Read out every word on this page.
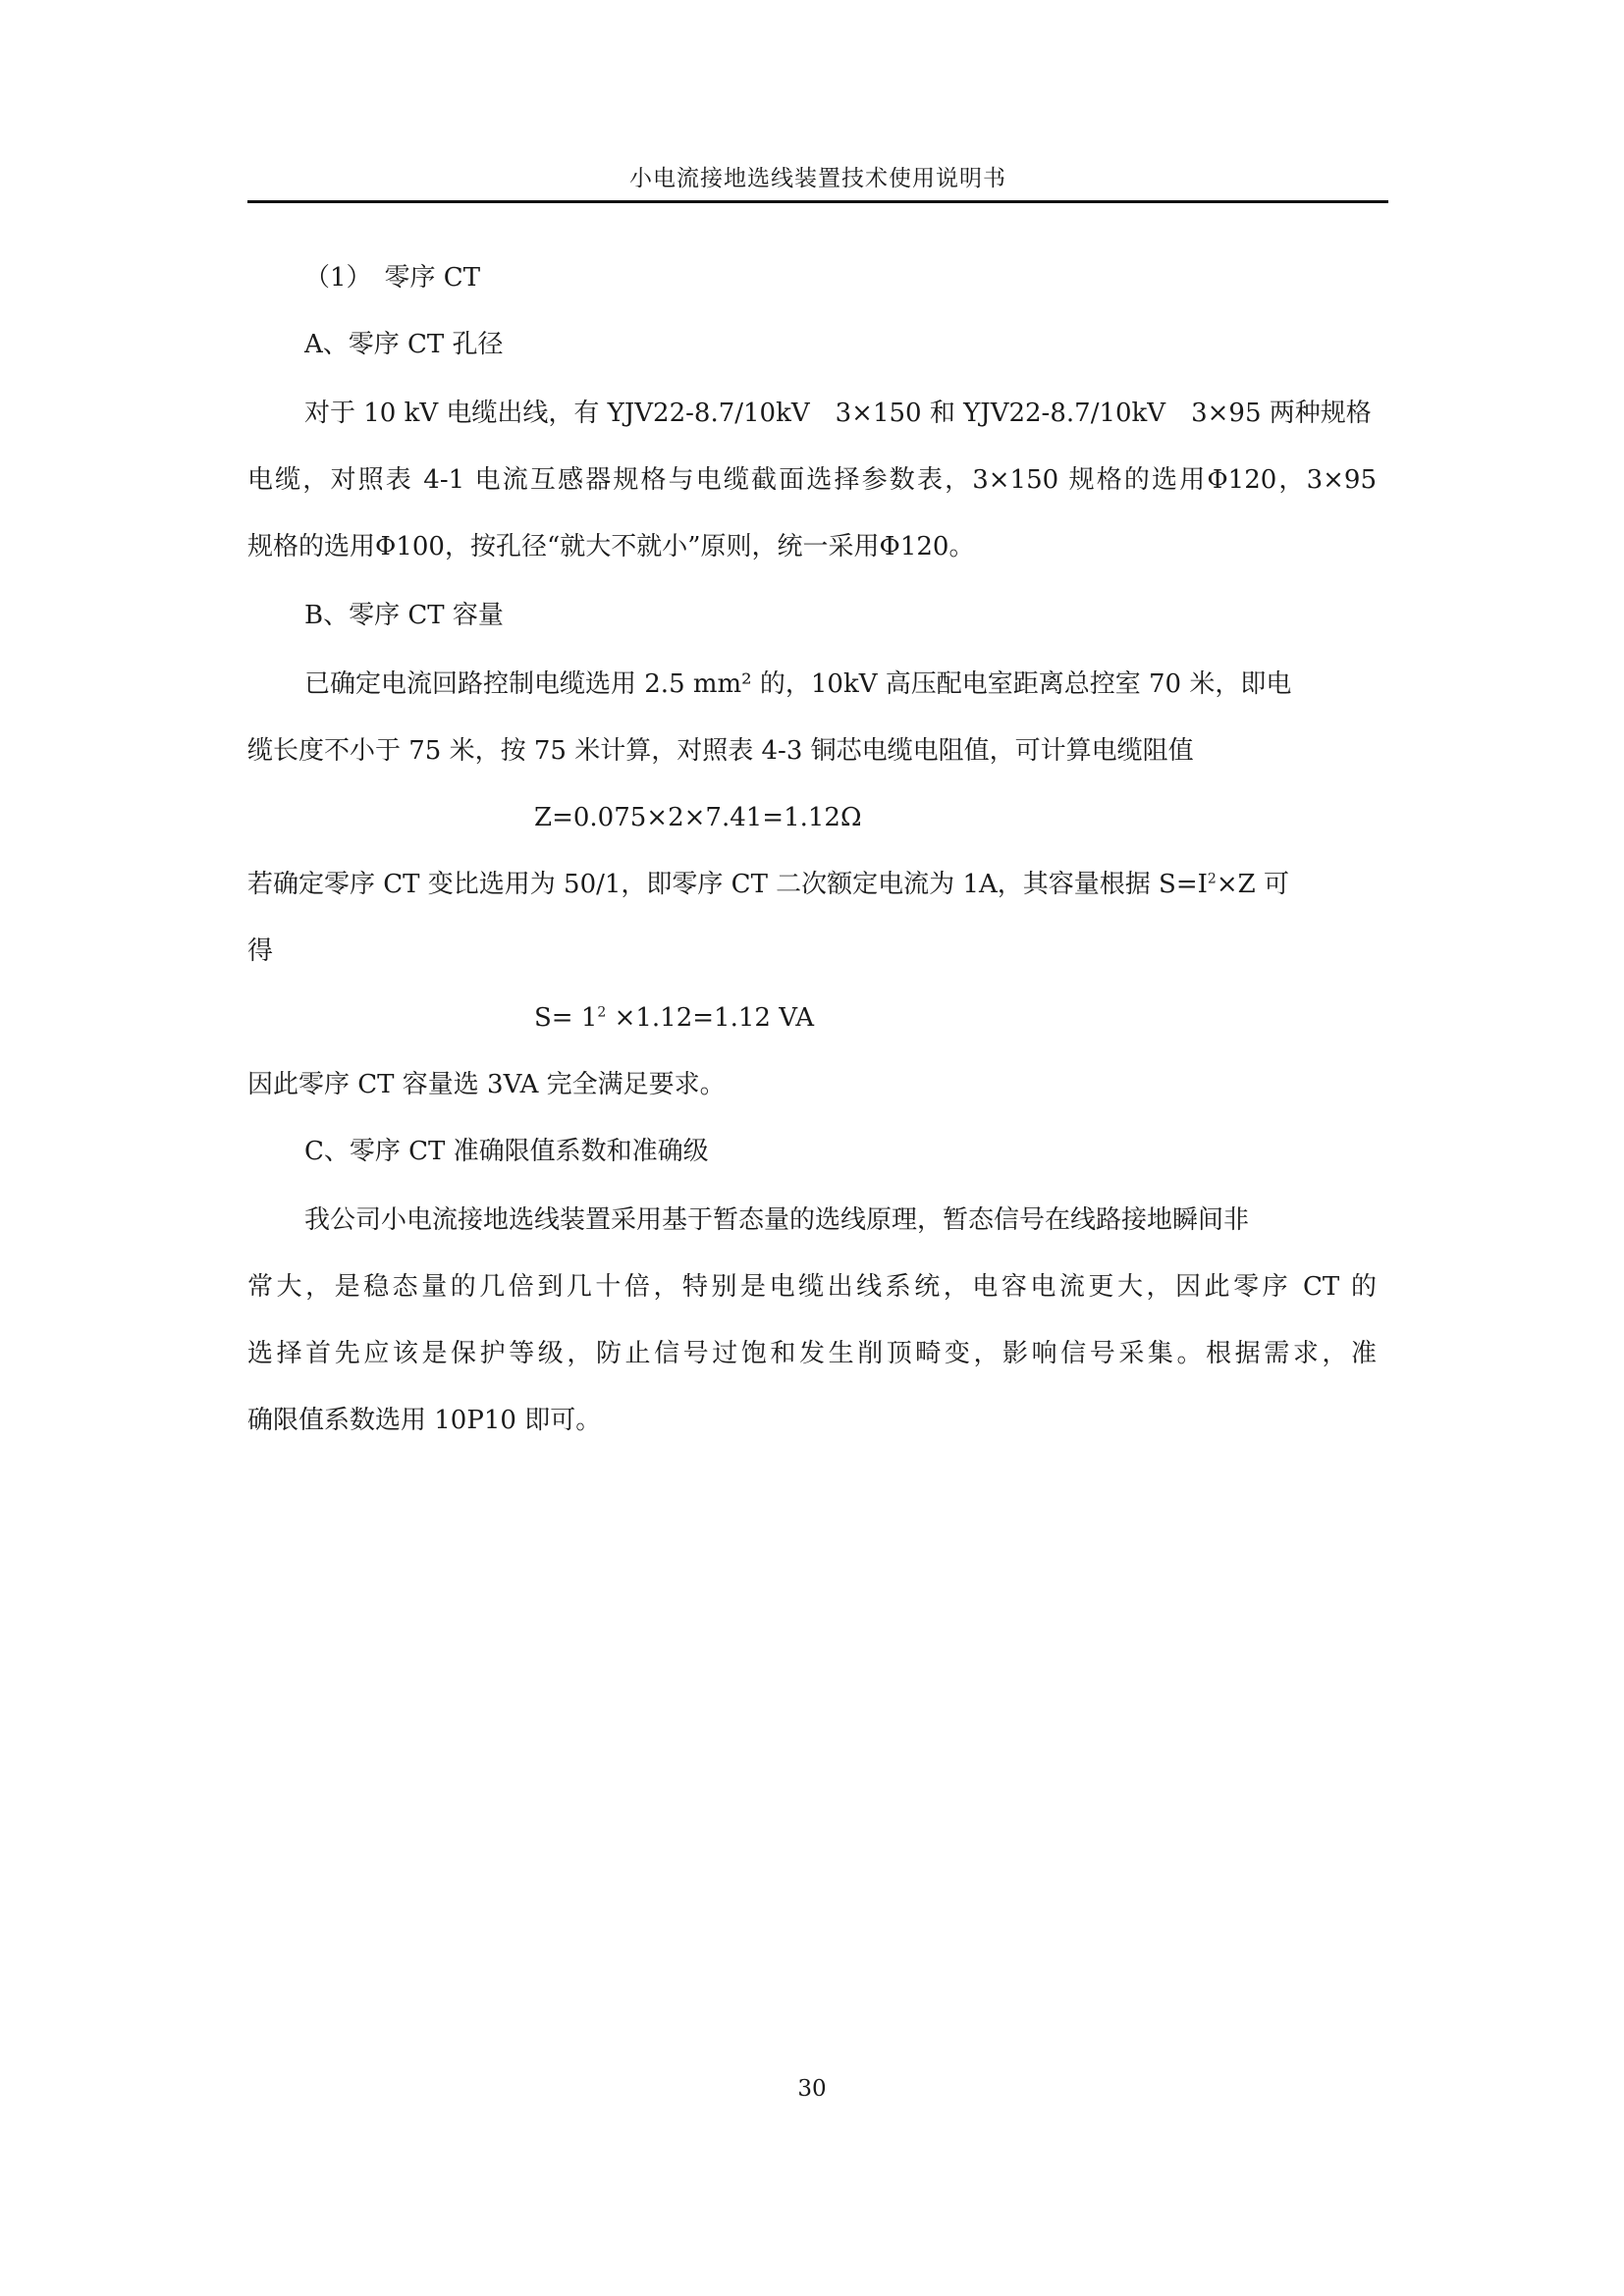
小电流接地选线装置技术使用说明书
（1）　零序 CT
A、零序 CT 孔径
对于 10 kV 电缆出线，有 YJV22-8.7/10kV　3×150 和 YJV22-8.7/10kV　3×95 两种规格
电缆，对照表 4-1 电流互感器规格与电缆截面选择参数表，3×150 规格的选用Φ120，3×95
规格的选用Φ100，按孔径“就大不就小”原则，统一采用Φ120。
B、零序 CT 容量
已确定电流回路控制电缆选用 2.5 mm² 的，10kV 高压配电室距离总控室 70 米，即电
缆长度不小于 75 米，按 75 米计算，对照表 4-3 铜芯电缆电阻值，可计算电缆阻值
Z=0.075×2×7.41=1.12Ω
若确定零序 CT 变比选用为 50/1，即零序 CT 二次额定电流为 1A，其容量根据 $S=I^2\times Z$ 可
得
$S= 1^2 \times 1.12=1.12$ VA
因此零序 CT 容量选 3VA 完全满足要求。
C、零序 CT 准确限值系数和准确级
我公司小电流接地选线装置采用基于暂态量的选线原理，暂态信号在线路接地瞬间非
常大，是稳态量的几倍到几十倍，特别是电缆出线系统，电容电流更大，因此零序 CT 的
选择首先应该是保护等级，防止信号过饱和发生削顶畸变，影响信号采集。根据需求，准
确限值系数选用 10P10 即可。
30
